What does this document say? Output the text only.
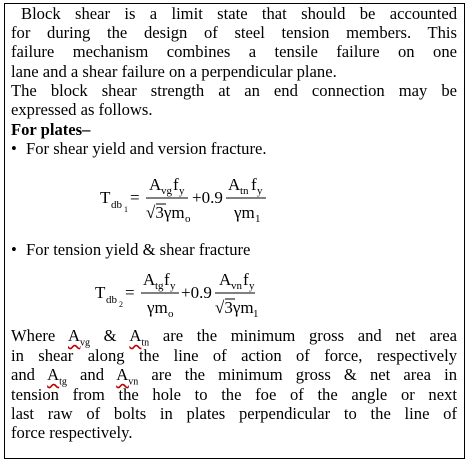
Block shear is a limit state that should be accounted
for during the design of steel tension members. This
failure mechanism combines a tensile failure on one
lane and a shear failure on a perpendicular plane.
The block shear strength at an end connection may be
expressed as follows.
For plates–
• For shear yield and version fracture.
T db 1
=
A vg f y
√3γm o
+0.9
A tn f y
γm 1
• For tension yield & shear fracture
T db 2
=
A tg f y
γm o
+0.9
A vn f y
√3γm 1
Where $A_{vg}$ & $A_{tn}$ are the minimum gross and net area
in shear along the line of action of force, respectively
and $A_{tg}$ and $A_{vn}$ are the minimum gross & net area in
tension from the hole to the foe of the angle or next
last raw of bolts in plates perpendicular to the line of
force respectively.
